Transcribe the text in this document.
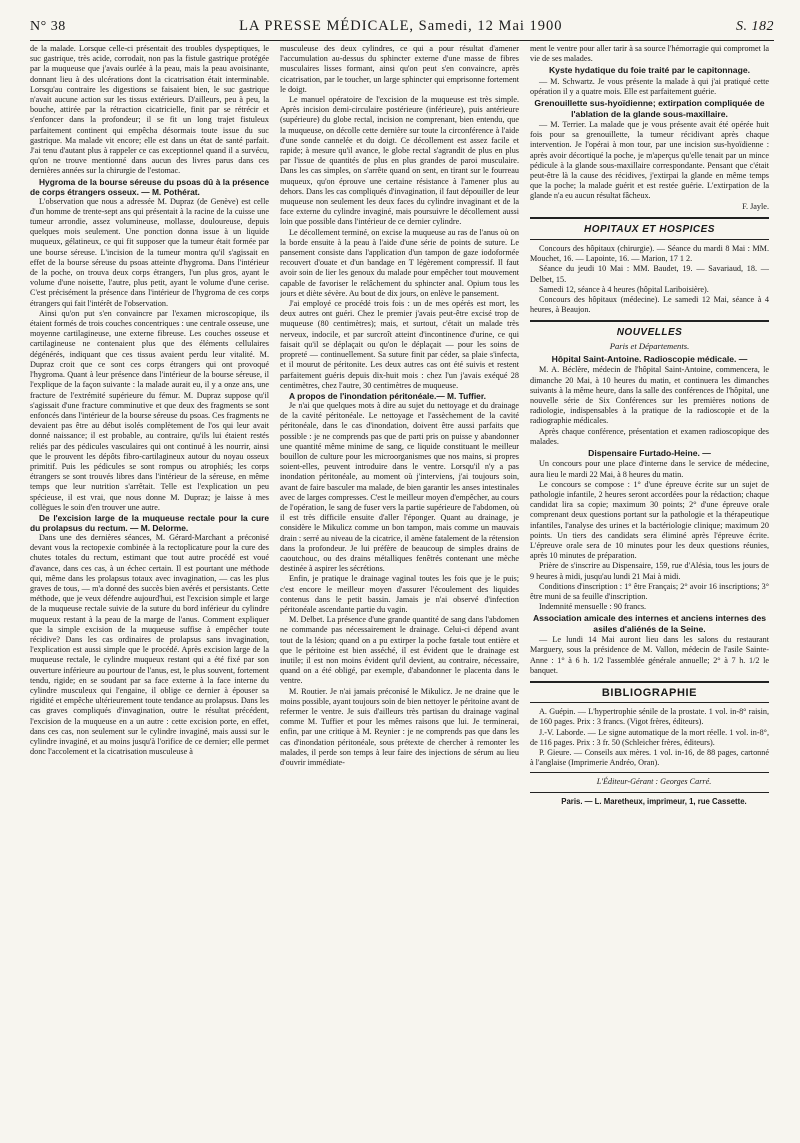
N° 38	LA PRESSE MÉDICALE, Samedi, 12 Mai 1900	S. 182

de la malade. Lorsque celle-ci présentait des troubles dyspeptiques, le suc gastrique, très acide, corrodait, non pas la fistule gastrique protégée par la muqueuse que j'avais ourlée à la peau, mais la peau avoisinante, donnant lieu à des ulcérations dont la cicatrisation était interminable. Lorsqu'au contraire les digestions se faisaient bien, le suc gastrique n'avait aucune action sur les tissus extérieurs. D'ailleurs, peu à peu, la bouche, attirée par la rétraction cicatricielle, finit par se rétrécir et s'enfoncer dans la profondeur; il se fit un long trajet fistuleux parfaitement continent qui empêcha désormais toute issue du suc gastrique. Ma malade vit encore; elle est dans un état de santé parfait. J'ai tenu d'autant plus à rappeler ce cas exceptionnel quand il a survécu, qu'on ne trouve mentionné dans aucun des livres parus dans ces dernières années sur la chirurgie de l'estomac.

Hygroma de la bourse séreuse du psoas dû à la présence de corps étrangers osseux. — M. Pothérat.

L'observation que nous a adressée M. Dupraz (de Genève) est celle d'un homme de trente-sept ans qui présentait à la racine de la cuisse une tumeur arrondie, assez volumineuse, mollasse, douloureuse, depuis quelques mois seulement. Une ponction donna issue à un liquide muqueux, gélatineux, ce qui fit supposer que la tumeur était formée par une bourse séreuse. L'incision de la tumeur montra qu'il s'agissait en effet de la bourse séreuse du psoas atteinte d'hygroma. Dans l'intérieur de la poche, on trouva deux corps étrangers, l'un plus gros, ayant le volume d'une noisette, l'autre, plus petit, ayant le volume d'une cerise. C'est précisément la présence dans l'intérieur de l'hygroma de ces corps étrangers qui fait l'intérêt de l'observation.

Ainsi qu'on put s'en convaincre par l'examen microscopique, ils étaient formés de trois couches concentriques : une centrale osseuse, une moyenne cartilagineuse, une externe fibreuse. Les couches osseuse et cartilagineuse ne contenaient plus que des éléments cellulaires dégénérés, indiquant que ces tissus avaient perdu leur vitalité. M. Dupraz croit que ce sont ces corps étrangers qui ont provoqué l'hygroma. Quant à leur présence dans l'intérieur de la bourse séreuse, il l'explique de la façon suivante : la malade aurait eu, il y a onze ans, une fracture de l'extrémité supérieure du fémur. M. Dupraz suppose qu'il s'agissait d'une fracture comminutive et que deux des fragments se sont enfoncés dans l'intérieur de la bourse séreuse du psoas. Ces fragments ne devaient pas être au début isolés complètement de l'os qui leur avait donné naissance; il est probable, au contraire, qu'ils lui étaient restés reliés par des pédicules vasculaires qui ont continué à les nourrir, ainsi que le prouvent les dépôts fibro-cartilagineux autour du noyau osseux primitif. Puis les pédicules se sont rompus ou atrophiés; les corps étrangers se sont trouvés libres dans l'intérieur de la séreuse, en même temps que leur nutrition s'arrêtait. Telle est l'explication un peu spécieuse, il est vrai, que nous donne M. Dupraz; je laisse à mes collègues le soin d'en trouver une autre.

De l'excision large de la muqueuse rectale pour la cure du prolapsus du rectum. — M. Delorme.

Dans une des dernières séances, M. Gérard-Marchant a préconisé devant vous la rectopexie combinée à la rectoplicature pour la cure des chutes totales du rectum, estimant que tout autre procédé est voué d'avance, dans ces cas, à un échec certain. Il est pourtant une méthode qui, même dans les prolapsus totaux avec invagination, — cas les plus graves de tous, — m'a donné des succès bien avérés et persistants. Cette méthode, que je veux défendre aujourd'hui, est l'excision simple et large de la muqueuse rectale suivie de la suture du bord inférieur du cylindre muqueux restant à la peau de la marge de l'anus. Comment expliquer que la simple excision de la muqueuse suffise à empêcher toute récidive? Dans les cas ordinaires de prolapsus sans invagination, l'explication est aussi simple que le procédé. Après excision large de la muqueuse rectale, le cylindre muqueux restant qui a été fixé par son ouverture inférieure au pourtour de l'anus, est, le plus souvent, fortement tendu, rigide; en se soudant par sa face externe à la face interne du cylindre musculeux qui l'engaine, il oblige ce dernier à épouser sa rigidité et empêche ultérieurement toute tendance au prolapsus. Dans les cas graves compliqués d'invagination, outre le résultat précédent, l'excision de la muqueuse en a un autre : cette excision porte, en effet, dans ces cas, non seulement sur le cylindre invaginé, mais aussi sur le cylindre invaginé, et au moins jusqu'à l'orifice de ce dernier; elle permet donc l'accolement et la cicatrisation musculeuse à

musculeuse des deux cylindres, ce qui a pour résultat d'amener l'accumulation au-dessus du sphincter externe d'une masse de fibres musculaires lisses formant, ainsi qu'on peut s'en convaincre, après cicatrisation, par le toucher, un large sphincter qui emprisonne fortement le doigt.

Le manuel opératoire de l'excision de la muqueuse est très simple. Après incision demi-circulaire postérieure (inférieure), puis antérieure (supérieure) du globe rectal, incision ne comprenant, bien entendu, que la muqueuse, on décolle cette dernière sur toute la circonférence à l'aide d'une sonde cannelée et du doigt. Ce décollement est assez facile et rapide; à mesure qu'il avance, le globe rectal s'agrandit de plus en plus par l'issue de quantités de plus en plus grandes de paroi musculaire. Dans les cas simples, on s'arrête quand on sent, en tirant sur le fourreau muqueux, qu'on éprouve une certaine résistance à l'amener plus au dehors. Dans les cas compliqués d'invagination, il faut dépouiller de leur muqueuse non seulement les deux faces du cylindre invaginant et de la face externe du cylindre invaginé, mais poursuivre le décollement aussi loin que possible dans l'intérieur de ce dernier cylindre.

Le décollement terminé, on excise la muqueuse au ras de l'anus où on la borde ensuite à la peau à l'aide d'une série de points de suture. Le pansement consiste dans l'application d'un tampon de gaze iodoformée recouvert d'ouate et d'un bandage en T légèrement compressif. Il faut avoir soin de lier les genoux du malade pour empêcher tout mouvement capable de favoriser le relâchement du sphincter anal. Opium tous les jours et diète sévère. Au bout de dix jours, on enlève le pansement.

J'ai employé ce procédé trois fois : un de mes opérés est mort, les deux autres ont guéri. Chez le premier j'avais peut-être excisé trop de muqueuse (80 centimètres); mais, et surtout, c'était un malade très nerveux, indocile, et par surcroît atteint d'incontinence d'urine, ce qui faisait qu'il se déplaçait ou qu'on le déplaçait — pour les soins de propreté — continuellement. Sa suture finit par céder, sa plaie s'infecta, et il mourut de péritonite. Les deux autres cas ont été suivis et restent parfaitement guéris depuis dix-huit mois : chez l'un j'avais exéqué 28 centimètres, chez l'autre, 30 centimètres de muqueuse.

A propos de l'inondation péritonéale.— M. Tuffier.

Je n'ai que quelques mots à dire au sujet du nettoyage et du drainage de la cavité péritonéale. Le nettoyage et l'assèchement de la cavité péritonéale, dans le cas d'inondation, doivent être aussi parfaits que possible : je ne comprends pas que de parti pris on puisse y abandonner une quantité même minime de sang, ce liquide constituant le meilleur bouillon de culture pour les microorganismes que nos mains, si propres soient-elles, peuvent introduire dans le ventre. Lorsqu'il n'y a pas inondation péritonéale, au moment où j'interviens, j'ai toujours soin, avant de faire basculer ma malade, de bien garantir les anses intestinales avec de larges compresses. C'est le meilleur moyen d'empêcher, au cours de l'opération, le sang de fuser vers la partie supérieure de l'abdomen, où il est très difficile ensuite d'aller l'éponger. Quant au drainage, je considère le Mikulicz comme un bon tampon, mais comme un mauvais drain : serré au niveau de la cicatrice, il amène fatalement de la rétension dans la profondeur. Je lui préfère de beaucoup de simples drains de caoutchouc, ou des drains métalliques fenêtrés contenant une mèche destinée à aspirer les sécrétions.

Enfin, je pratique le drainage vaginal toutes les fois que je le puis; c'est encore le meilleur moyen d'assurer l'écoulement des liquides contenus dans le petit bassin. Jamais je n'ai observé d'infection péritonéale ascendante partie du vagin.

M. Delbet. La présence d'une grande quantité de sang dans l'abdomen ne commande pas nécessairement le drainage. Celui-ci dépend avant tout de la lésion; quand on a pu extirper la poche fœtale tout entière et que le péritoine est bien asséché, il est évident que le drainage est inutile; il est non moins évident qu'il devient, au contraire, nécessaire, quand on a été obligé, par exemple, d'abandonner le placenta dans le ventre.

M. Routier. Je n'ai jamais préconisé le Mikulicz. Je ne draine que le moins possible, ayant toujours soin de bien nettoyer le péritoine avant de refermer le ventre. Je suis d'ailleurs très partisan du drainage vaginal comme M. Tuffier et pour les mêmes raisons que lui. Je terminerai, enfin, par une critique à M. Reynier : je ne comprends pas que dans les cas d'inondation péritonéale, sous prétexte de chercher à remonter les malades, il perde son temps à leur faire des injections de sérum au lieu d'ouvrir immédiate-

ment le ventre pour aller tarir à sa source l'hémorragie qui compromet la vie de ses malades.

Kyste hydatique du foie traité par le capitonnage.

— M. Schwartz. Je vous présente la malade à qui j'ai pratiqué cette opération il y a quatre mois. Elle est parfaitement guérie.

Grenouillette sus-hyoïdienne; extirpation compliquée de l'ablation de la glande sous-maxillaire.

— M. Terrier. La malade que je vous présente avait été opérée huit fois pour sa grenouillette, la tumeur récidivant après chaque intervention. Je l'opérai à mon tour, par une incision sus-hyoïdienne : après avoir décortiqué la poche, je m'aperçus qu'elle tenait par un mince pédicule à la glande sous-maxillaire correspondante. Pensant que c'était peut-être là la cause des récidives, j'extirpai la glande en même temps que la poche; la malade guérit et est restée guérie. L'extirpation de la glande n'a eu aucun résultat fâcheux.

F. Jayle.

HOPITAUX ET HOSPICES

Concours des hôpitaux (chirurgie). — Séance du mardi 8 Mai : MM. Mouchet, 16. — Lapointe, 16. — Marion, 17 1 2.

Séance du jeudi 10 Mai : MM. Baudet, 19. — Savariaud, 18. — Delbet, 15.

Samedi 12, séance à 4 heures (hôpital Lariboisière).

Concours des hôpitaux (médecine). Le samedi 12 Mai, séance à 4 heures, à Beaujon.

NOUVELLES
Paris et Départements.

Hôpital Saint-Antoine. Radioscopie médicale. —

M. A. Béclère, médecin de l'hôpital Saint-Antoine, commencera, le dimanche 20 Mai, à 10 heures du matin, et continuera les dimanches suivants à la même heure, dans la salle des conférences de l'hôpital, une nouvelle série de Six Conférences sur les premières notions de radiologie, indispensables à la pratique de la radioscopie et de la radiographie médicales.

Après chaque conférence, présentation et examen radioscopique des malades.

Dispensaire Furtado-Heine. —

Un concours pour une place d'interne dans le service de médecine, aura lieu le mardi 22 Mai, à 8 heures du matin.

Le concours se compose : 1° d'une épreuve écrite sur un sujet de pathologie infantile, 2 heures seront accordées pour la rédaction; chaque candidat lira sa copie; maximum 30 points; 2° d'une épreuve orale comprenant deux questions portant sur la pathologie et la thérapeutique infantiles, l'analyse des urines et la bactériologie clinique; maximum 20 points. Un tiers des candidats sera éliminé après l'épreuve écrite. L'épreuve orale sera de 10 minutes pour les deux questions réunies, après 10 minutes de préparation.

Prière de s'inscrire au Dispensaire, 159, rue d'Alésia, tous les jours de 9 heures à midi, jusqu'au lundi 21 Mai à midi.

Conditions d'inscription : 1° être Français; 2° avoir 16 inscriptions; 3° être muni de sa feuille d'inscription.

Indemnité mensuelle : 90 francs.

Association amicale des internes et anciens internes des asiles d'aliénés de la Seine.

— Le lundi 14 Mai auront lieu dans les salons du restaurant Marguery, sous la présidence de M. Vallon, médecin de l'asile Sainte-Anne : 1° à 6 h. 1/2 l'assemblée générale annuelle; 2° à 7 h. 1/2 le banquet.

BIBLIOGRAPHIE

A. Guépin. — L'hypertrophie sénile de la prostate. 1 vol. in-8° raisin, de 160 pages. Prix : 3 francs. (Vigot frères, éditeurs).

J.-V. Laborde. — Le signe automatique de la mort réelle. 1 vol. in-8°, de 116 pages. Prix : 3 fr. 50 (Schleicher frères, éditeurs).

P. Gieure. — Conseils aux mères. 1 vol. in-16, de 88 pages, cartonné à l'anglaise (Imprimerie Andréo, Oran).

L'Éditeur-Gérant : Georges Carré.

Paris. — L. Maretheux, imprimeur, 1, rue Cassette.
